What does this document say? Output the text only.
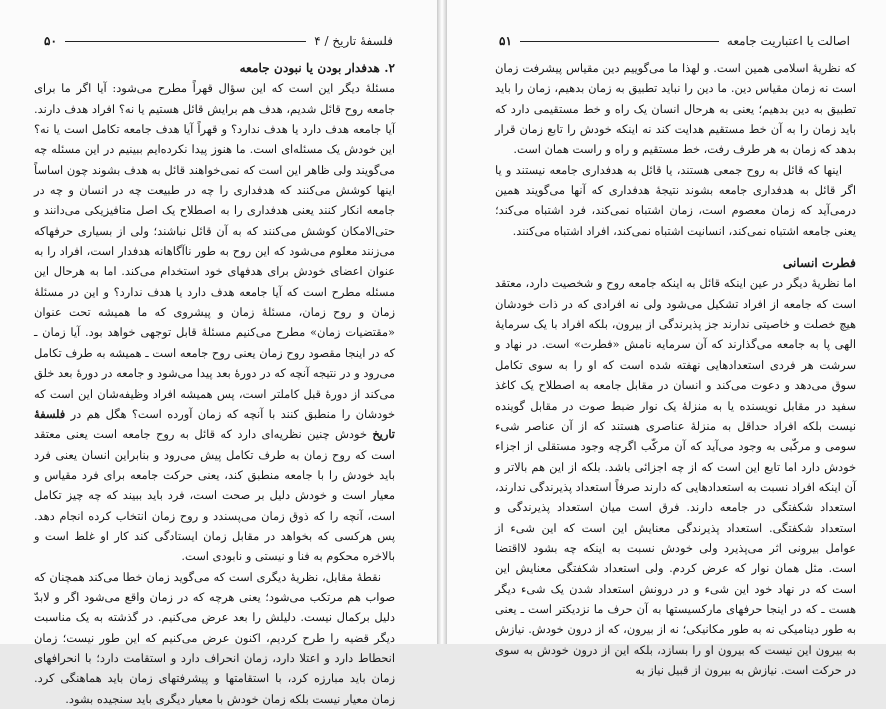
فلسفهٔ تاریخ / ۴
۵۰
۲. هدفدار بودن یا نبودن جامعه

مسئلهٔ دیگر این است که این سؤال قهراً مطرح می‌شود: آیا اگر ما برای جامعه روح قائل شدیم، هدف هم برایش قائل هستیم یا نه؟ افراد هدف دارند. آیا جامعه هدف دارد یا هدف ندارد؟ و قهراً آیا هدف جامعه تکامل است یا نه؟ این خودش یک مسئله‌ای است. ما هنوز پیدا نکرده‌ایم ببینیم در این مسئله چه می‌گویند ولی ظاهر این است که نمی‌خواهند قائل به هدف بشوند چون اساساً اینها کوشش می‌کنند که هدفداری را چه در طبیعت چه در انسان و چه در جامعه انکار کنند یعنی هدفداری را به اصطلاح یک اصل متافیزیکی می‌دانند و حتی‌الامکان کوشش می‌کنند که به آن قائل نباشند؛ ولی از بسیاری حرفها‌که می‌زنند معلوم می‌شود که این روح به طور ناآگاهانه هدفدار است، افراد را به عنوان اعضای خودش برای هدفهای خود استخدام می‌کند. اما به هرحال این مسئله مطرح است که آیا جامعه هدف دارد یا هدف ندارد؟ و این در مسئلهٔ زمان و روح زمان، مسئلهٔ زمان و پیشروی که ما همیشه تحت عنوان «مقتضیات زمان» مطرح می‌کنیم مسئلهٔ قابل توجهی خواهد بود. آیا زمان ـ که در اینجا مقصود روح زمان یعنی روح جامعه است ـ همیشه به طرف تکامل می‌رود و در نتیجه آنچه که در دورهٔ بعد پیدا می‌شود و جامعه در دورهٔ بعد خلق می‌کند از دورهٔ قبل کاملتر است، پس همیشه افراد وظیفه‌شان این است که خودشان را منطبق کنند با آنچه که زمان آورده است؟ هگل هم در فلسفهٔ تاریخ خودش چنین نظریه‌ای دارد که قائل به روح جامعه است یعنی معتقد است که روح زمان به طرف تکامل پیش می‌رود و بنابراین انسان یعنی فرد باید خودش را با جامعه منطبق کند، یعنی حرکت جامعه برای فرد مقیاس و معیار است و خودش دلیل بر صحت است، فرد باید ببیند که چه چیز تکامل است، آنچه را که ذوق زمان می‌پسندد و روح زمان انتخاب کرده انجام دهد. پس هرکسی که بخواهد در مقابل زمان ایستادگی کند کار او غلط است و بالاخره محکوم به فنا و نیستی و نابودی است.

نقطهٔ مقابل، نظریهٔ دیگری است که می‌گوید زمان خطا می‌کند همچنان که صواب هم مرتکب می‌شود؛ یعنی هرچه که در زمان واقع می‌شود اگر و لابدّ دلیل برکمال نیست. دلیلش را بعد عرض می‌کنیم. در گذشته به یک مناسبت دیگر قضیه را طرح کردیم، اکنون عرض می‌کنیم که این طور نیست؛ زمان انحطاط دارد و اعتلا دارد، زمان انحراف دارد و استقامت دارد؛ با انحرافهای زمان باید مبارزه کرد، با استقامتها و پیشرفتهای زمان باید هماهنگی کرد. زمان معیار نیست بلکه زمان خودش با معیار دیگری باید سنجیده بشود.

اصالت یا اعتباریت جامعه
۵۱

که نظریهٔ اسلامی همین است. و لهذا ما می‌گوییم دین مقیاس پیشرفت زمان است نه زمان مقیاس دین. ما دین را نباید تطبیق به زمان بدهیم، زمان را باید تطبیق به دین بدهیم؛ یعنی به هرحال انسان یک راه و خط مستقیمی دارد که باید زمان را به آن خط مستقیم هدایت کند نه اینکه خودش را تابع زمان قرار بدهد که زمان به هر طرف رفت، خط مستقیم و راه و راست همان است.

اینها که قائل به روح جمعی هستند، یا قائل به هدفداری جامعه نیستند و یا اگر قائل به هدفداری جامعه بشوند نتیجهٔ هدفداری که آنها می‌گویند همین درمی‌آید که زمان معصوم است، زمان اشتباه نمی‌کند، فرد اشتباه می‌کند؛ یعنی جامعه اشتباه نمی‌کند، انسانیت اشتباه نمی‌کند، افراد اشتباه می‌کنند.

فطرت انسانی

اما نظریهٔ دیگر در عین اینکه قائل به اینکه جامعه روح و شخصیت دارد، معتقد است که جامعه از افراد تشکیل می‌شود ولی نه افرادی که در ذات خودشان هیچ خصلت و خاصیتی ندارند جز پذیرندگی از بیرون، بلکه افراد با یک سرمایهٔ الهی پا به جامعه می‌گذارند که آن سرمایه نامش «فطرت» است. در نهاد و سرشت هر فردی استعدادهایی نهفته شده است که او را به سوی تکامل سوق می‌دهد و دعوت می‌کند و انسان در مقابل جامعه به اصطلاح یک کاغذ سفید در مقابل نویسنده یا به منزلهٔ یک نوار ضبط صوت در مقابل گوینده نیست بلکه افراد حداقل به منزلهٔ عناصری هستند که از آن عناصر شیء سومی و مرکّبی به وجود می‌آید که آن مرکّب اگرچه وجود مستقلی از اجزاء خودش دارد اما تابع این است که از چه اجزائی باشد. بلکه از این هم بالاتر و آن اینکه افراد نسبت به استعدادهایی که دارند صرفاً استعداد پذیرندگی ندارند، استعداد شکفتگی در جامعه دارند. فرق است میان استعداد پذیرندگی و استعداد شکفتگی. استعداد پذیرندگی معنایش این است که این شیء از عوامل بیرونی اثر می‌پذیرد ولی خودش نسبت به اینکه چه بشود لااقتضا است. مثل همان نوار که عرض کردم. ولی استعداد شکفتگی معنایش این است که در نهاد خود این شیء و در درونش استعداد شدن یک شیء دیگر هست ـ که در اینجا حرفهای مارکسیستها به آن حرف ما نزدیکتر است ـ یعنی به طور دینامیکی نه به طور مکانیکی؛ نه از بیرون، که از درون خودش. نیازش به بیرون این نیست که بیرون او را بسازد، بلکه این از درون خودش به سوی در حرکت است. نیازش به بیرون از قبیل نیاز به
